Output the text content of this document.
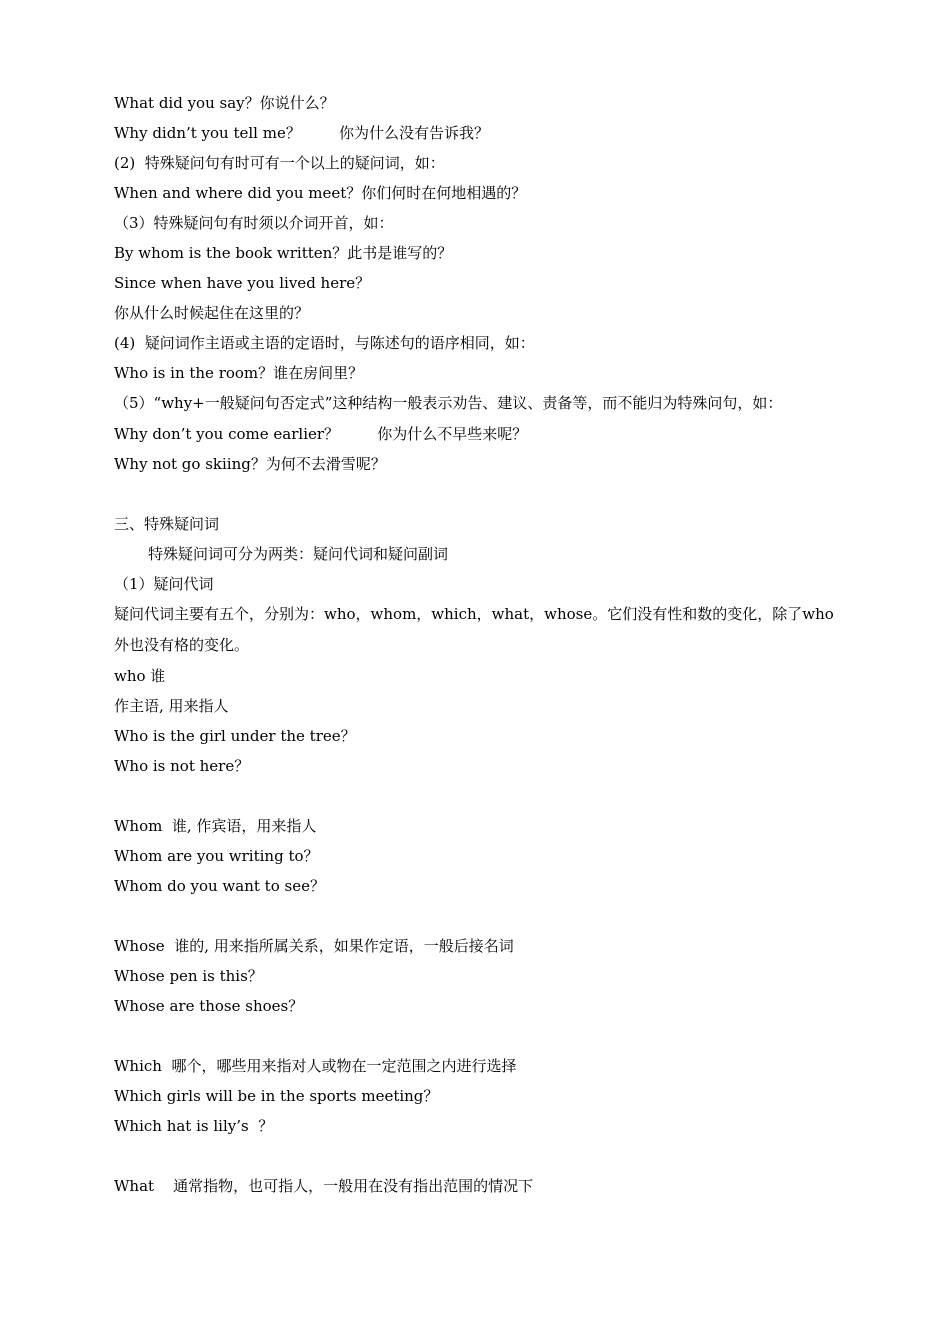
What did you say？你说什么？
Why didn’t you tell me？        你为什么没有告诉我？
(2)  特殊疑问句有时可有一个以上的疑问词，如：
When and where did you meet？你们何时在何地相遇的？
（3）特殊疑问句有时须以介词开首，如：
By whom is the book written？此书是谁写的？
Since when have you lived here？
你从什么时候起住在这里的？
(4)  疑问词作主语或主语的定语时，与陈述句的语序相同，如：
Who is in the room？谁在房间里？
（5）“why+一般疑问句否定式”这种结构一般表示劝告、建议、责备等，而不能归为特殊问句，如：
Why don’t you come earlier？        你为什么不早些来呢？
Why not go skiing？为何不去滑雪呢？
三、特殊疑问词
特殊疑问词可分为两类：疑问代词和疑问副词
（1）疑问代词
疑问代词主要有五个，分别为：who，whom，which，what，whose。它们没有性和数的变化，除了who外也没有格的变化。
who 谁
作主语, 用来指人
Who is the girl under the tree？
Who is not here？
Whom  谁, 作宾语，用来指人
Whom are you writing to？
Whom do you want to see？
Whose  谁的, 用来指所属关系，如果作定语，一般后接名词
Whose pen is this？
Whose are those shoes？
Which  哪个，哪些用来指对人或物在一定范围之内进行选择
Which girls will be in the sports meeting？
Which hat is lily’s  ？
What    通常指物，也可指人，一般用在没有指出范围的情况下
